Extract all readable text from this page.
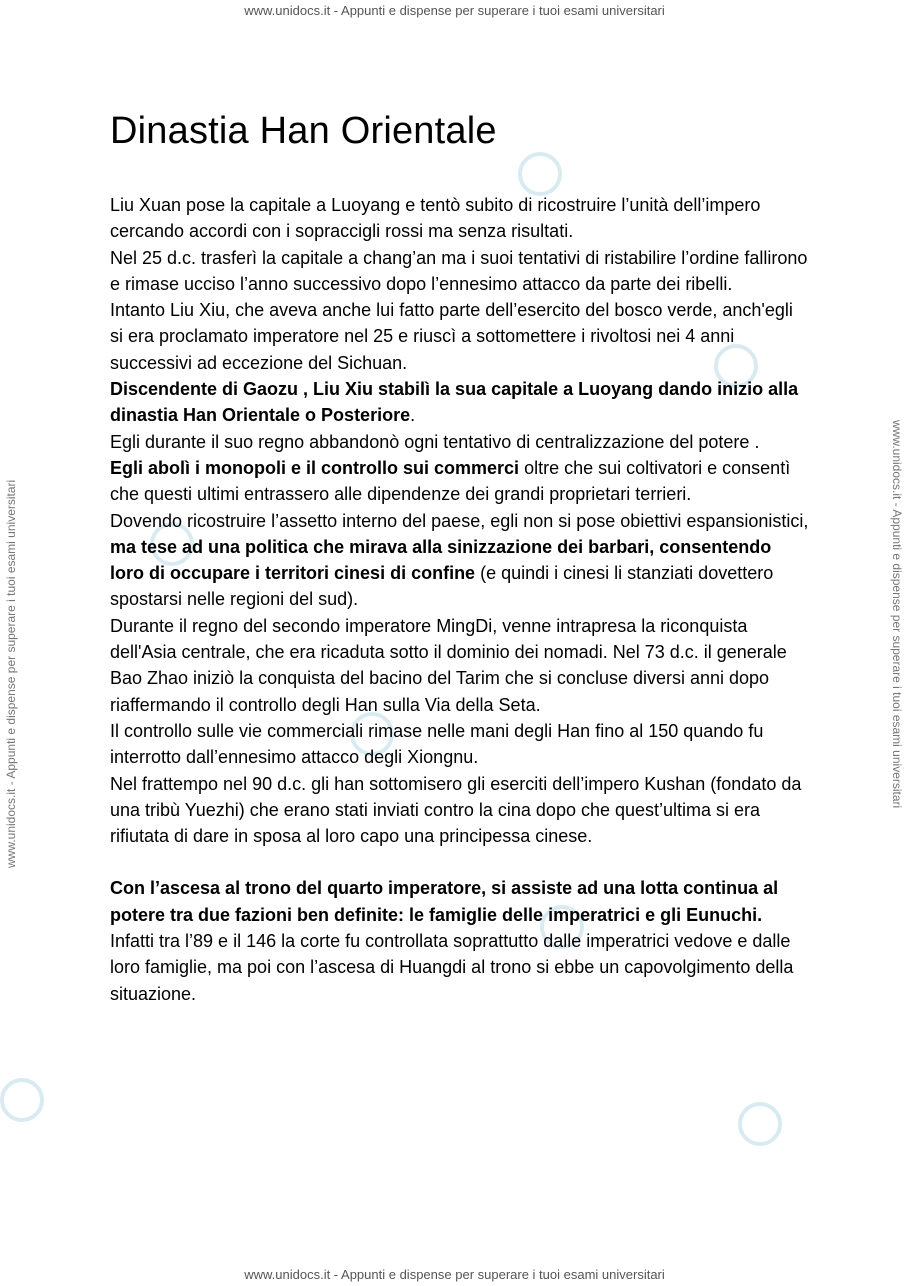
www.unidocs.it - Appunti e dispense per superare i tuoi esami universitari
www.unidocs.it - Appunti e dispense per superare i tuoi esami universitari	www.unidocs.it - Appunti e dispense per superare i tuoi esami universitari
Dinastia Han Orientale

Liu Xuan pose la capitale a Luoyang e tentò subito di ricostruire l’unità dell’impero cercando accordi con i sopraccigli rossi ma senza risultati.

Nel 25 d.c. trasferì la capitale a chang’an ma i suoi tentativi di ristabilire l’ordine fallirono e rimase ucciso l’anno successivo dopo l’ennesimo attacco da parte dei ribelli.

Intanto Liu Xiu, che aveva anche lui fatto parte dell’esercito del bosco verde, anch'egli si era proclamato imperatore nel 25 e riuscì a sottomettere i rivoltosi nei 4 anni successivi ad eccezione del Sichuan.

Discendente di Gaozu , Liu Xiu stabilì la sua capitale a Luoyang dando inizio alla dinastia Han Orientale o Posteriore.

Egli durante il suo regno abbandonò ogni tentativo di centralizzazione del potere .

Egli abolì i monopoli e il controllo sui commerci oltre che sui coltivatori e consentì che questi ultimi entrassero alle dipendenze dei grandi proprietari terrieri.

Dovendo ricostruire l’assetto interno del paese, egli non si pose obiettivi espansionistici, ma tese ad una politica che mirava alla sinizzazione dei barbari, consentendo loro di occupare i territori cinesi di confine (e quindi i cinesi li stanziati dovettero spostarsi nelle regioni del sud).

Durante il regno del secondo imperatore MingDi, venne intrapresa la riconquista dell'Asia centrale, che era ricaduta sotto il dominio dei nomadi. Nel 73 d.c. il generale Bao Zhao iniziò la conquista del bacino del Tarim che si concluse diversi anni dopo riaffermando il controllo degli Han sulla Via della Seta.

Il controllo sulle vie commerciali rimase nelle mani degli Han fino al 150 quando fu interrotto dall’ennesimo attacco degli Xiongnu.

Nel frattempo nel 90 d.c. gli han sottomisero gli eserciti dell’impero Kushan (fondato da una tribù Yuezhi) che erano stati inviati contro la cina dopo che quest’ultima si era rifiutata di dare in sposa al loro capo una principessa cinese.

Con l’ascesa al trono del quarto imperatore, si assiste ad una lotta continua al potere tra due fazioni ben definite: le famiglie delle imperatrici e gli Eunuchi.

Infatti tra l’89 e il 146 la corte fu controllata soprattutto dalle imperatrici vedove e dalle loro famiglie, ma poi con l’ascesa di Huangdi al trono si ebbe un capovolgimento della situazione.

www.unidocs.it - Appunti e dispense per superare i tuoi esami universitari
